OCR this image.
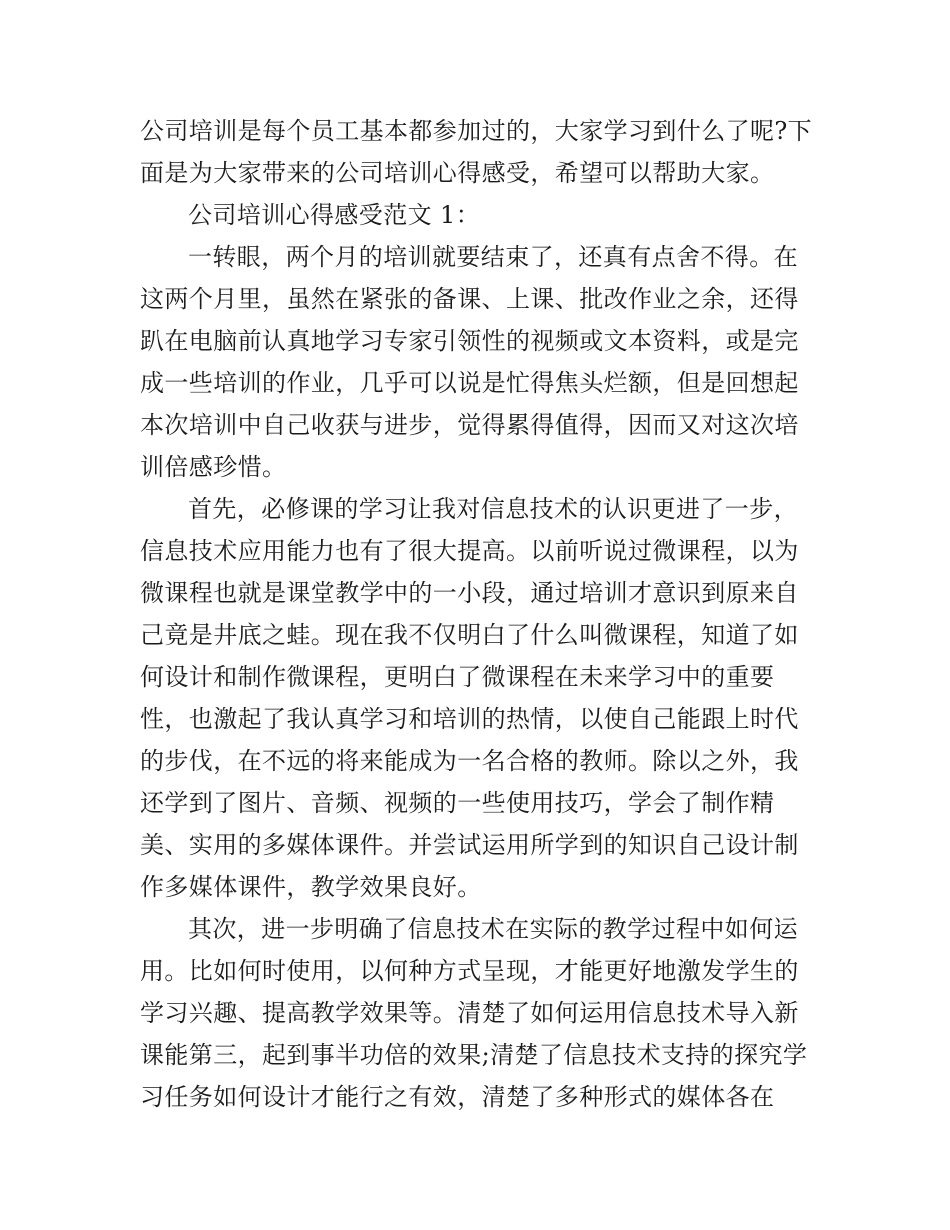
公司培训是每个员工基本都参加过的，大家学习到什么了呢?下面是为大家带来的公司培训心得感受，希望可以帮助大家。

公司培训心得感受范文 1：

一转眼，两个月的培训就要结束了，还真有点舍不得。在这两个月里，虽然在紧张的备课、上课、批改作业之余，还得趴在电脑前认真地学习专家引领性的视频或文本资料，或是完成一些培训的作业，几乎可以说是忙得焦头烂额，但是回想起本次培训中自己收获与进步，觉得累得值得，因而又对这次培训倍感珍惜。

首先，必修课的学习让我对信息技术的认识更进了一步，信息技术应用能力也有了很大提高。以前听说过微课程，以为微课程也就是课堂教学中的一小段，通过培训才意识到原来自己竟是井底之蛙。现在我不仅明白了什么叫微课程，知道了如何设计和制作微课程，更明白了微课程在未来学习中的重要性，也激起了我认真学习和培训的热情，以使自己能跟上时代的步伐，在不远的将来能成为一名合格的教师。除以之外，我还学到了图片、音频、视频的一些使用技巧，学会了制作精美、实用的多媒体课件。并尝试运用所学到的知识自己设计制作多媒体课件，教学效果良好。

其次，进一步明确了信息技术在实际的教学过程中如何运用。比如何时使用，以何种方式呈现，才能更好地激发学生的学习兴趣、提高教学效果等。清楚了如何运用信息技术导入新课能第三，起到事半功倍的效果;清楚了信息技术支持的探究学习任务如何设计才能行之有效，清楚了多种形式的媒体各在
